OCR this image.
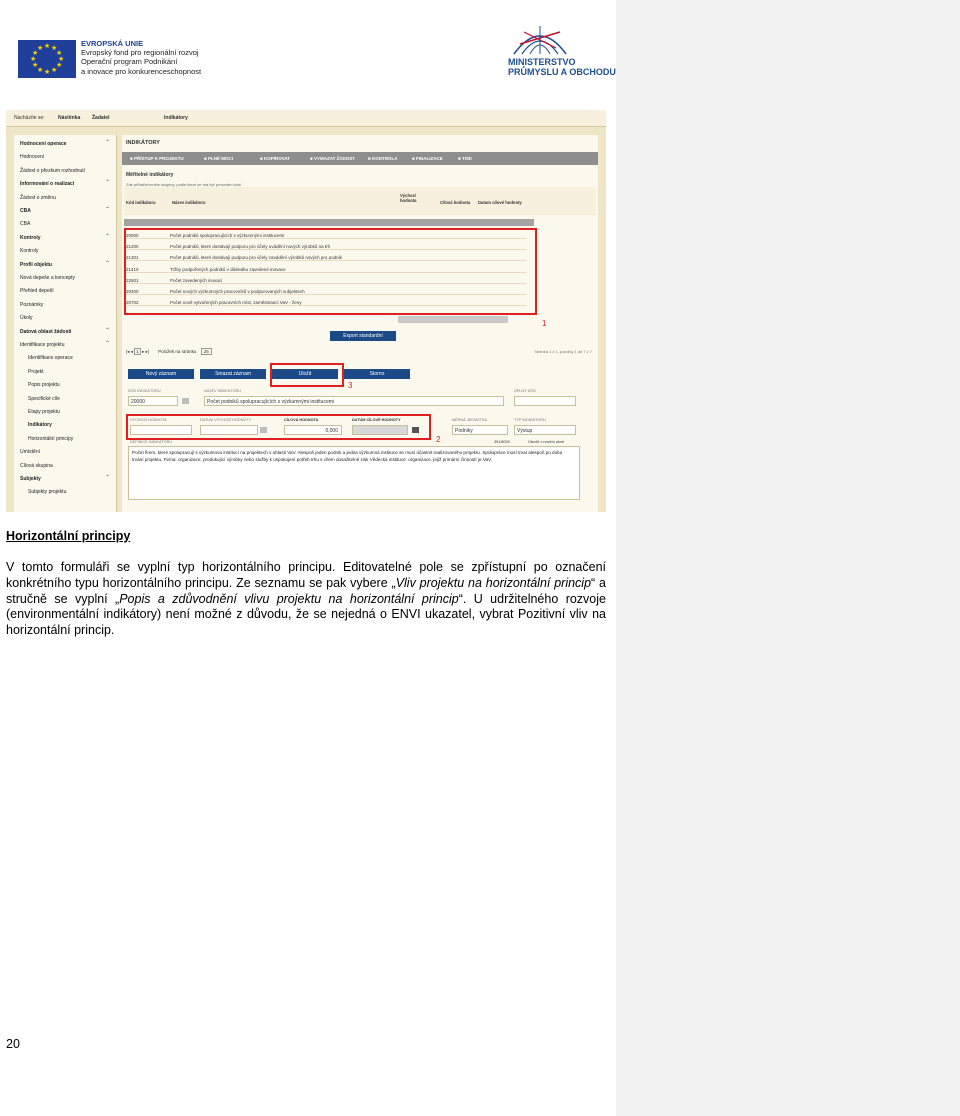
★ ★
★
★
★
★
★
★
★
★
★
★
EVROPSKÁ UNIE
Evropský fond pro regionální rozvoj
Operační program Podnikání
a inovace pro konkurenceschopnost
MINISTERSTVO
PRŮMYSLU A OBCHODU
Nacházíte se:	Nástěnka Žadatel	Indikátory
Hodnocení operace	⌃
Hodnocení
Žádost o přezkum rozhodnutí
Informování o realizaci	⌃
Žádost o změnu
CBA	⌃
CBA
Kontroly	⌃
Kontroly
Profil objektu	⌃
Nová depeše a koncepty
Přehled depeší
Poznámky
Úkoly
Datová oblast žádosti	⌃
Identifikace projektu	⌃
Identifikace operace
Projekt
Popis projektu
Specifické cíle
Etapy projektu
Indikátory
Horizontální principy
Umístění
Cílová skupina
Subjekty	⌃
Subjekty projektu
INDIKÁTORY
■ PŘÍSTUP K PROJEKTU	■ PLNÉ MOCI	■ KOPÍROVAT	■ VYMAZAT ŽÁDOST	■ KONTROLA	■ FINALIZACE	■ TISK
Měřitelné indikátory
Zde přiřaďte/zrušte skupiny, podle které se má být proveden tržní
Kód indikátoru	Název indikátoru
Výchozí hodnota	Cílová hodnota Datum cílové hodnoty
20000	Počet podniků spolupracujících s výzkumnými institucemi
21200	Počet podniků, které dostávají podporu pro účely uvádění nových výrobků na trh
21301	Počet podniků, které dostávají podporu pro účely zavádění výrobků nových pro podnik
21410	Tržby podpořených podniků v důsledku zavedené inovace
22501	Počet zavedených inovací
20400	Počet nových výzkumných pracovníků v podporovaných subjektech
20702	Počet nově vytvořených pracovních míst, zaměstnanci VaV - ženy
1
Export standardní
|◂ ◂ 1 ▸ ▸| Položek na stránku 25	Stránka 1 z 1, položky 1 až 7 z 7
Nový záznam	Smazat záznam	Uložit	Storno
3
KÓD INDIKÁTORU
20000
NÁZEV INDIKÁTORU
Počet podniků spolupracujících s výzkumnými institucemi
ÚPLNÝ KÓD
VÝCHOZÍ HODNOTA	DATUM VÝCHOZÍ HODNOTY	CÍLOVÁ HODNOTA
0,000
DATUM CÍLOVÉ HODNOTY
2
MĚRNÁ JEDNOTKA
Podniky
TYP INDIKÁTORU
Výstup
DEFINICE INDIKÁTORU	391/8000	Otevřít v novém okně
Počet firem, které spolupracují s výzkumnou institucí na projektech v oblasti VaV. Alespoň jeden podnik a jedna výzkumná instituce se musí účastnit realizovaného projektu. Spolupráce musí trvat alespoň po dobu trvání projektu. Firma: organizace, produkující výrobky nebo služby k uspokojení potřeb trhu s cílem dosažitelné zisk Vědecká instituce: organizace, jejíž primární činností je VaV.
Horizontální principy
V tomto formuláři se vyplní typ horizontálního principu. Editovatelné pole se zpřístupní po označení konkrétního typu horizontálního principu. Ze seznamu se pak vybere „Vliv projektu na horizontální princip“ a stručně se vyplní „Popis a zdůvodnění vlivu projektu na horizontální princip“. U udržitelného rozvoje (environmentální indikátory) není možné z důvodu, že se nejedná o ENVI ukazatel, vybrat Pozitivní vliv na horizontální princip.
20
